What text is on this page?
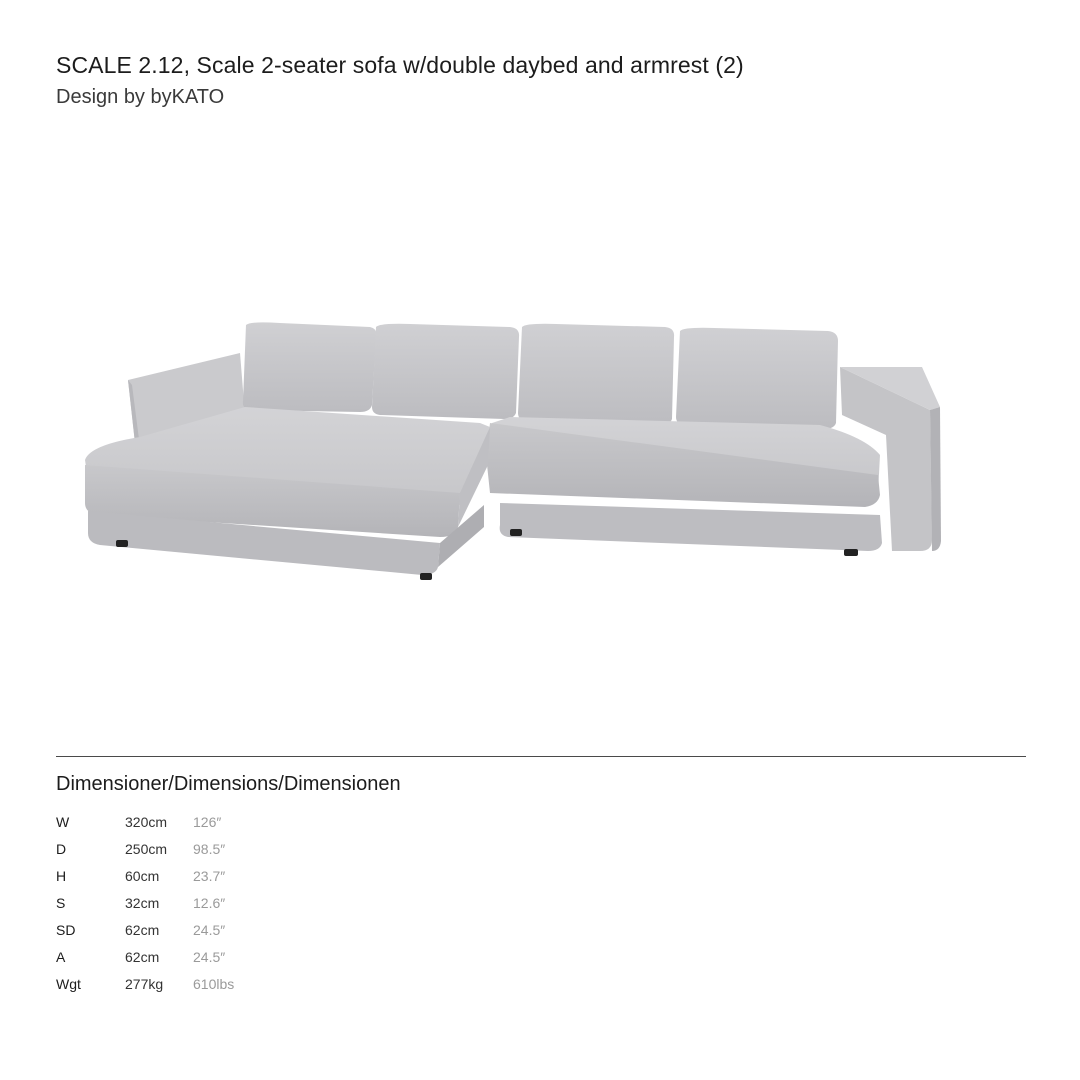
SCALE 2.12, Scale 2-seater sofa w/double daybed and armrest (2)
Design by byKATO
Dimensioner/Dimensions/Dimensionen
W	320cm	126″
D	250cm	98.5″
H	60cm	23.7″
S	32cm	12.6″
SD	62cm	24.5″
A	62cm	24.5″
Wgt	277kg	610lbs
